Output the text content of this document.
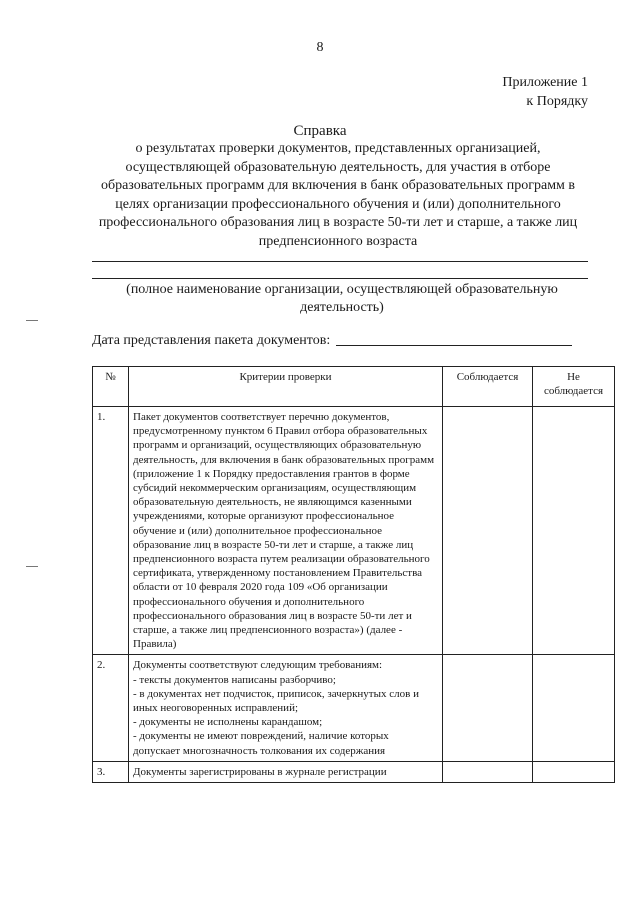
8
Приложение 1
к Порядку
Справка
о результатах проверки документов, представленных организацией, осуществляющей образовательную деятельность, для участия в отборе образовательных программ для включения в банк образовательных программ в целях организации профессионального обучения и (или) дополнительного профессионального образования лиц в возрасте 50-ти лет и старше, а также лиц предпенсионного возраста
(полное наименование организации, осуществляющей образовательную деятельность)
Дата представления пакета документов:
№	Критерии проверки	Соблюдается	Не соблюдается
1.	Пакет документов соответствует перечню документов, предусмотренному пунктом 6 Правил отбора образовательных программ и организаций, осуществляющих образовательную деятельность, для включения в банк образовательных программ (приложение 1 к Порядку предоставления грантов в форме субсидий некоммерческим организациям, осуществляющим образовательную деятельность, не являющимся казенными учреждениями, которые организуют профессиональное обучение и (или) дополнительное профессиональное образование лиц в возрасте 50-ти лет и старше, а также лиц предпенсионного возраста путем реализации образовательного сертификата, утвержденному постановлением Правительства области от 10 февраля 2020 года 109 «Об организации профессионального обучения и дополнительного профессионального образования лиц в возрасте 50-ти лет и старше, а также лиц предпенсионного возраста») (далее - Правила)		
2.	Документы соответствуют следующим требованиям:
- тексты документов написаны разборчиво;
- в документах нет подчисток, приписок, зачеркнутых слов и иных неоговоренных исправлений;
- документы не исполнены карандашом;
- документы не имеют повреждений, наличие которых допускает многозначность толкования их содержания		

3.	Документы зарегистрированы в журнале регистрации		
